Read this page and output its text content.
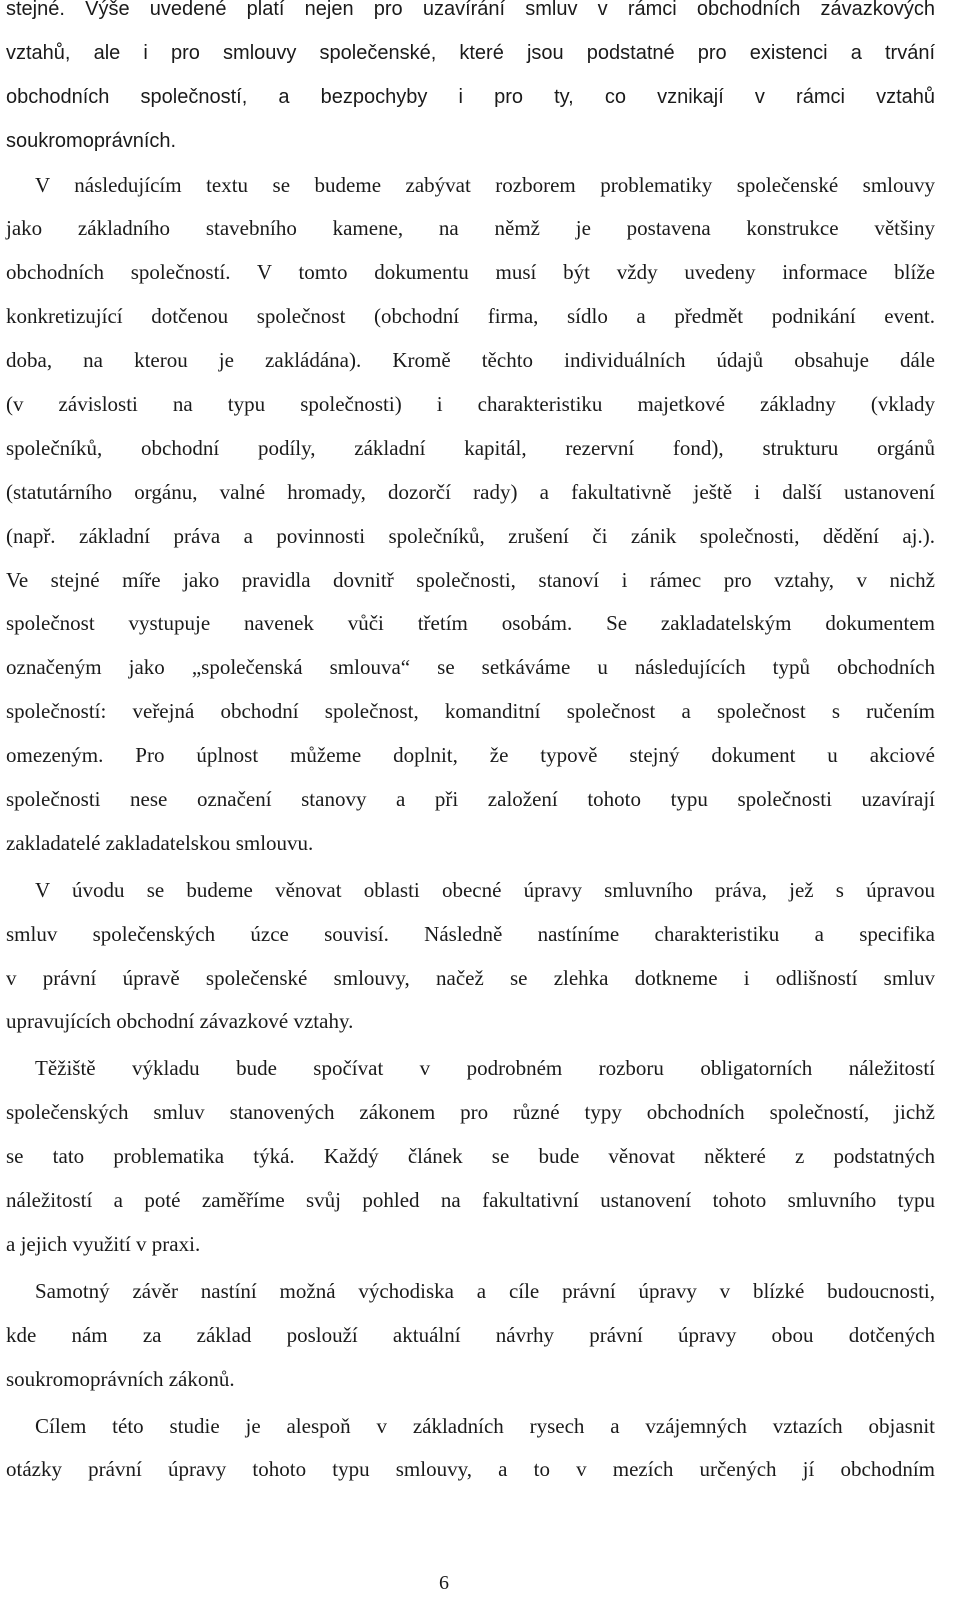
stejné. Výše uvedené platí nejen pro uzavírání smluv v rámci obchodních závazkových
vztahů, ale i pro smlouvy společenské, které jsou podstatné pro existenci a trvání
obchodních společností, a bezpochyby i pro ty, co vznikají v rámci vztahů
soukromoprávních.
V následujícím textu se budeme zabývat rozborem problematiky společenské smlouvy
jako základního stavebního kamene, na němž je postavena konstrukce většiny
obchodních společností. V tomto dokumentu musí být vždy uvedeny informace blíže
konkretizující dotčenou společnost (obchodní firma, sídlo a předmět podnikání event.
doba, na kterou je zakládána). Kromě těchto individuálních údajů obsahuje dále
(v závislosti na typu společnosti) i charakteristiku majetkové základny (vklady
společníků, obchodní podíly, základní kapitál, rezervní fond), strukturu orgánů
(statutárního orgánu, valné hromady, dozorčí rady) a fakultativně ještě i další ustanovení
(např. základní práva a povinnosti společníků, zrušení či zánik společnosti, dědění aj.).
Ve stejné míře jako pravidla dovnitř společnosti, stanoví i rámec pro vztahy, v nichž
společnost vystupuje navenek vůči třetím osobám. Se zakladatelským dokumentem
označeným jako „společenská smlouva“ se setkáváme u následujících typů obchodních
společností: veřejná obchodní společnost, komanditní společnost a společnost s ručením
omezeným. Pro úplnost můžeme doplnit, že typově stejný dokument u akciové
společnosti nese označení stanovy a při založení tohoto typu společnosti uzavírají
zakladatelé zakladatelskou smlouvu.
V úvodu se budeme věnovat oblasti obecné úpravy smluvního práva, jež s úpravou
smluv společenských úzce souvisí. Následně nastíníme charakteristiku a specifika
v právní úpravě společenské smlouvy, načež se zlehka dotkneme i odlišností smluv
upravujících obchodní závazkové vztahy.
Těžiště výkladu bude spočívat v podrobném rozboru obligatorních náležitostí
společenských smluv stanovených zákonem pro různé typy obchodních společností, jichž
se tato problematika týká. Každý článek se bude věnovat některé z podstatných
náležitostí a poté zaměříme svůj pohled na fakultativní ustanovení tohoto smluvního typu
a jejich využití v praxi.
Samotný závěr nastíní možná východiska a cíle právní úpravy v blízké budoucnosti,
kde nám za základ poslouží aktuální návrhy právní úpravy obou dotčených
soukromoprávních zákonů.
Cílem této studie je alespoň v základních rysech a vzájemných vztazích objasnit
otázky právní úpravy tohoto typu smlouvy, a to v mezích určených jí obchodním
6
